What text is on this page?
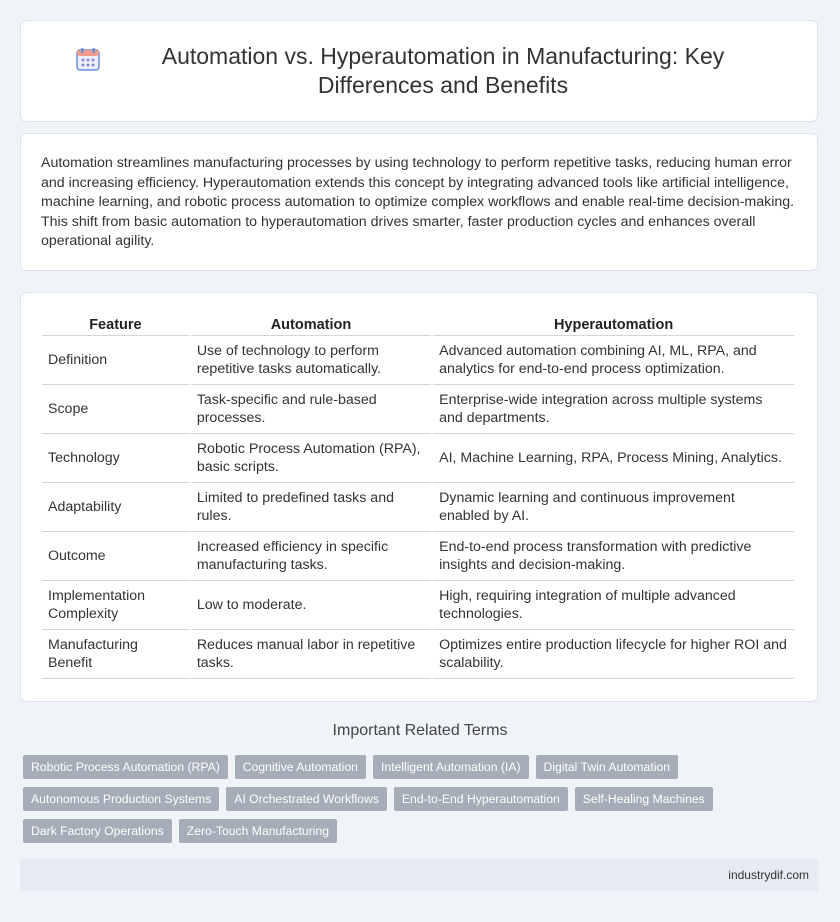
Automation vs. Hyperautomation in Manufacturing: Key Differences and Benefits

Automation streamlines manufacturing processes by using technology to perform repetitive tasks, reducing human error and increasing efficiency. Hyperautomation extends this concept by integrating advanced tools like artificial intelligence, machine learning, and robotic process automation to optimize complex workflows and enable real-time decision-making. This shift from basic automation to hyperautomation drives smarter, faster production cycles and enhances overall operational agility.

Feature	Automation	Hyperautomation
Definition	Use of technology to perform repetitive tasks automatically.	Advanced automation combining AI, ML, RPA, and analytics for end-to-end process optimization.
Scope	Task-specific and rule-based processes.	Enterprise-wide integration across multiple systems and departments.
Technology	Robotic Process Automation (RPA), basic scripts.	AI, Machine Learning, RPA, Process Mining, Analytics.
Adaptability	Limited to predefined tasks and rules.	Dynamic learning and continuous improvement enabled by AI.
Outcome	Increased efficiency in specific manufacturing tasks.	End-to-end process transformation with predictive insights and decision-making.
Implementation Complexity	Low to moderate.	High, requiring integration of multiple advanced technologies.
Manufacturing Benefit	Reduces manual labor in repetitive tasks.	Optimizes entire production lifecycle for higher ROI and scalability.
Important Related Terms
Robotic Process Automation (RPA)	Cognitive Automation	Intelligent Automation (IA)	Digital Twin Automation
Autonomous Production Systems	AI Orchestrated Workflows	End-to-End Hyperautomation	Self-Healing Machines
Dark Factory Operations	Zero-Touch Manufacturing
industrydif.com
